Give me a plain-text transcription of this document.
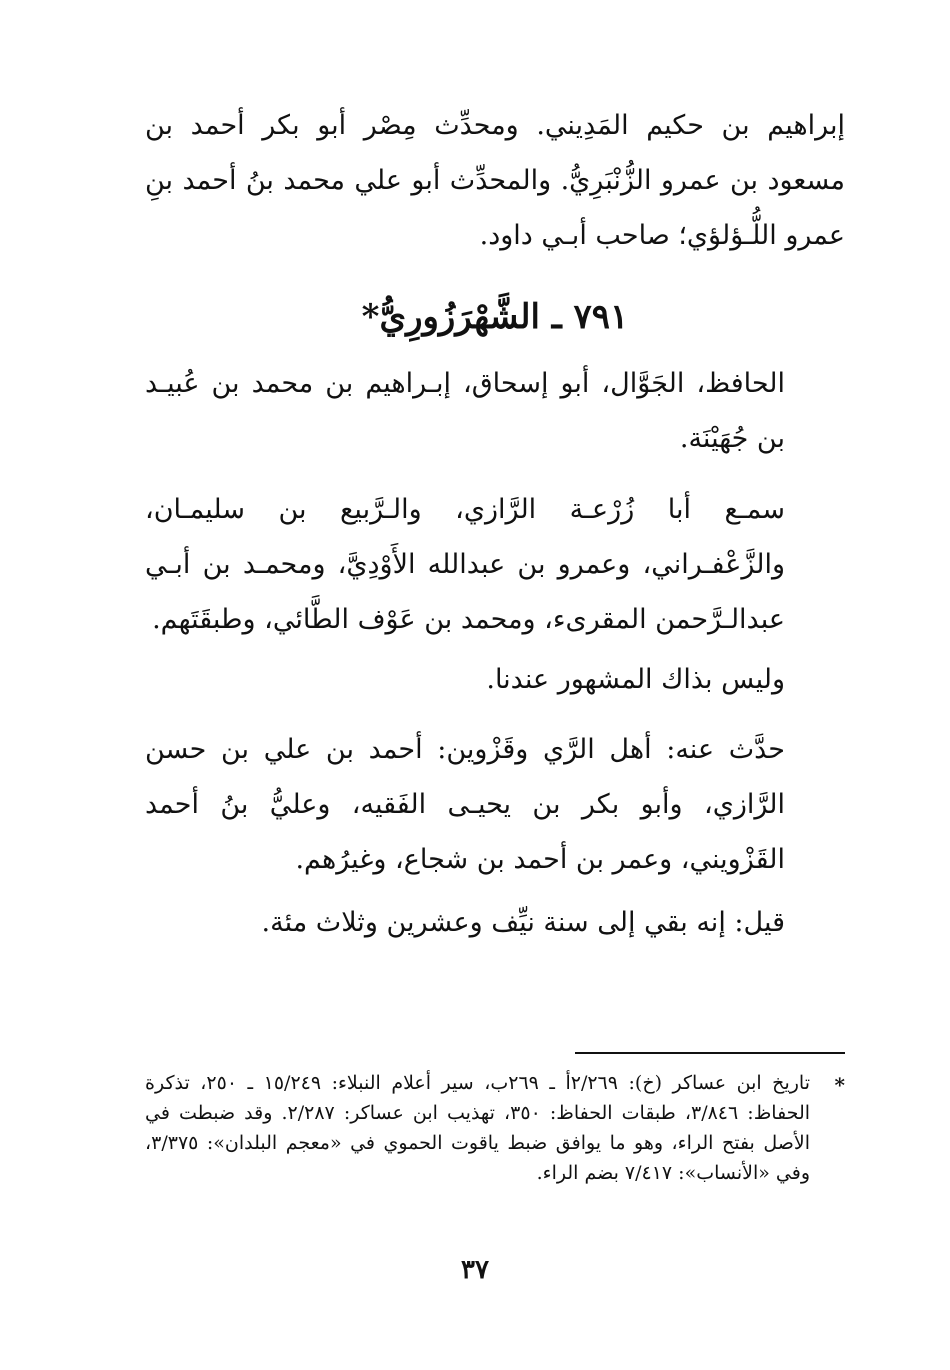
إبراهيم بن حكيم المَدِيني. ومحدِّث مِصْر أبو بكر أحمد بن مسعود بن عمرو الزُّنْبَرِيُّ. والمحدِّث أبو علي محمد بنُ أحمد بنِ عمرو اللُّـؤلؤي؛ صاحب أبـي داود.

٧٩١ ـ الشَّهْرَزُورِيُّ*

الحافظ، الجَوَّال، أبو إسحاق، إبـراهيم بن محمد بن عُبيـد بن جُهَيْنَة.

سمـع أبا زُرْعـة الرَّازي، والـرَّبيع بن سليمـان، والزَّعْفـراني، وعمرو بن عبدالله الأَوْدِيَّ، ومحمـد بن أبـي عبدالـرَّحمن المقرىء، ومحمد بن عَوْف الطَّائي، وطبقَتَهم.

وليس بذاك المشهور عندنا.

حدَّث عنه: أهل الرَّي وقَزْوين: أحمد بن علي بن حسن الرَّازي، وأبو بكر بن يحيـى الفَقيه، وعليُّ بنُ أحمد القَزْويني، وعمر بن أحمد بن شجاع، وغيرُهم.

قيل: إنه بقي إلى سنة نيِّف وعشرين وثلاث مئة.

*

تاريخ ابن عساكر (خ): ٢/٢٦٩أ ـ ٢٦٩ب، سير أعلام النبلاء: ١٥/٢٤٩ ـ ٢٥٠، تذكرة الحفاظ: ٣/٨٤٦، طبقات الحفاظ: ٣٥٠، تهذيب ابن عساكر: ٢/٢٨٧. وقد ضبطت في الأصل بفتح الراء، وهو ما يوافق ضبط ياقوت الحموي في «معجم البلدان»: ٣/٣٧٥، وفي «الأنساب»: ٧/٤١٧ بضم الراء.

٣٧
